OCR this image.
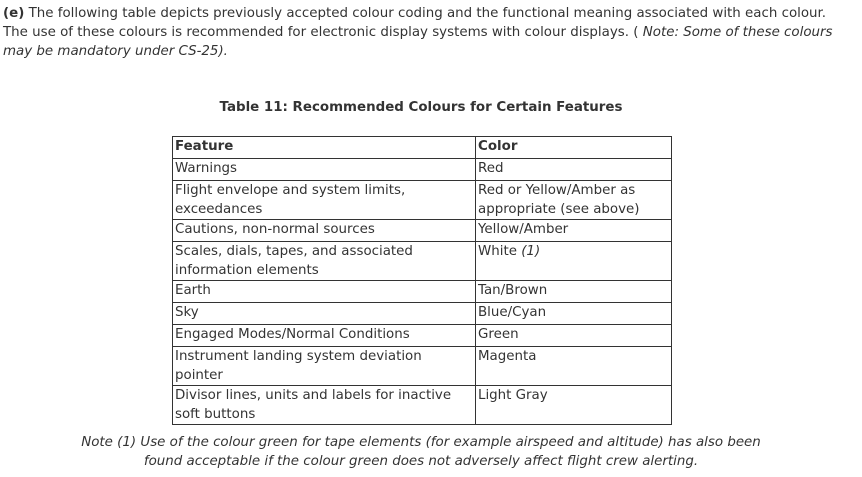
(e) The following table depicts previously accepted colour coding and the functional meaning associated with each colour. The use of these colours is recommended for electronic display systems with colour displays. ( Note: Some of these colours may be mandatory under CS-25).

Table 11: Recommended Colours for Certain Features

Feature	Color
Warnings	Red
Flight envelope and system limits, exceedances	Red or Yellow/Amber as appropriate (see above)
Cautions, non-normal sources	Yellow/Amber
Scales, dials, tapes, and associated information elements	White (1)
Earth	Tan/Brown
Sky	Blue/Cyan
Engaged Modes/Normal Conditions	Green
Instrument landing system deviation pointer	Magenta
Divisor lines, units and labels for inactive soft buttons	Light Gray

Note (1) Use of the colour green for tape elements (for example airspeed and altitude) has also been
found acceptable if the colour green does not adversely affect flight crew alerting.
